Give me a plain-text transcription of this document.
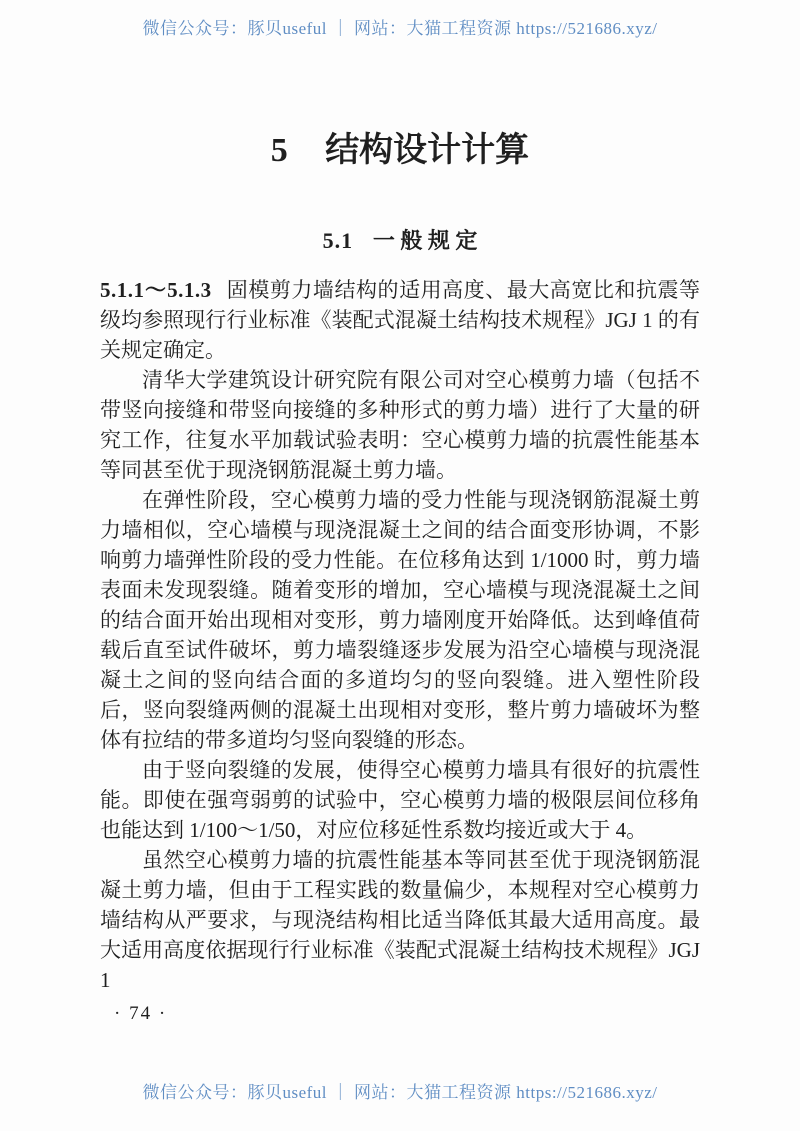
微信公众号：豚贝useful ｜ 网站：大猫工程资源 https://521686.xyz/
5 结构设计计算
5.1 一 般 规 定

5.1.1～5.1.3 固模剪力墙结构的适用高度、最大高宽比和抗震等级均参照现行行业标准《装配式混凝土结构技术规程》JGJ 1 的有关规定确定。

清华大学建筑设计研究院有限公司对空心模剪力墙（包括不带竖向接缝和带竖向接缝的多种形式的剪力墙）进行了大量的研究工作，往复水平加载试验表明：空心模剪力墙的抗震性能基本等同甚至优于现浇钢筋混凝土剪力墙。

在弹性阶段，空心模剪力墙的受力性能与现浇钢筋混凝土剪力墙相似，空心墙模与现浇混凝土之间的结合面变形协调，不影响剪力墙弹性阶段的受力性能。在位移角达到 1/1000 时，剪力墙表面未发现裂缝。随着变形的增加，空心墙模与现浇混凝土之间的结合面开始出现相对变形，剪力墙刚度开始降低。达到峰值荷载后直至试件破坏，剪力墙裂缝逐步发展为沿空心墙模与现浇混凝土之间的竖向结合面的多道均匀的竖向裂缝。进入塑性阶段后，竖向裂缝两侧的混凝土出现相对变形，整片剪力墙破坏为整体有拉结的带多道均匀竖向裂缝的形态。

由于竖向裂缝的发展，使得空心模剪力墙具有很好的抗震性能。即使在强弯弱剪的试验中，空心模剪力墙的极限层间位移角也能达到 1/100～1/50，对应位移延性系数均接近或大于 4。

虽然空心模剪力墙的抗震性能基本等同甚至优于现浇钢筋混凝土剪力墙，但由于工程实践的数量偏少，本规程对空心模剪力墙结构从严要求，与现浇结构相比适当降低其最大适用高度。最大适用高度依据现行行业标准《装配式混凝土结构技术规程》JGJ 1

· 74 ·
微信公众号：豚贝useful ｜ 网站：大猫工程资源 https://521686.xyz/
